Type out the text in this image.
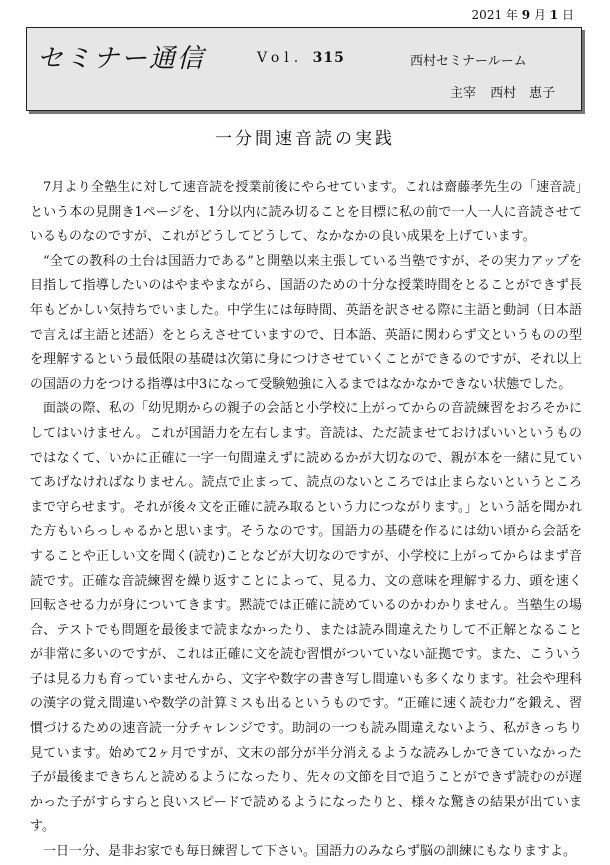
2021 年 9 月 1 日
セミナー通信	Vol. 315	西村セミナールーム
主宰 西村　恵子
一分間速音読の実践

7月より全塾生に対して速音読を授業前後にやらせています。これは齋藤孝先生の「速音読」という本の見開き1ページを、1分以内に読み切ることを目標に私の前で一人一人に音読させているものなのですが、これがどうしてどうして、なかなかの良い成果を上げています。

“全ての教科の土台は国語力である”と開塾以来主張している当塾ですが、その実力アップを目指して指導したいのはやまやまながら、国語のための十分な授業時間をとることができず長年もどかしい気持ちでいました。中学生には毎時間、英語を訳させる際に主語と動詞（日本語で言えば主語と述語）をとらえさせていますので、日本語、英語に関わらず文というものの型を理解するという最低限の基礎は次第に身につけさせていくことができるのですが、それ以上の国語の力をつける指導は中3になって受験勉強に入るまではなかなかできない状態でした。

面談の際、私の「幼児期からの親子の会話と小学校に上がってからの音読練習をおろそかにしてはいけません。これが国語力を左右します。音読は、ただ読ませておけばいいというものではなくて、いかに正確に一字一句間違えずに読めるかが大切なので、親が本を一緒に見ていてあげなければなりません。読点で止まって、読点のないところでは止まらないというところまで守らせます。それが後々文を正確に読み取るという力につながります。」という話を聞かれた方もいらっしゃるかと思います。そうなのです。国語力の基礎を作るには幼い頃から会話をすることや正しい文を聞く(読む)ことなどが大切なのですが、小学校に上がってからはまず音読です。正確な音読練習を繰り返すことによって、見る力、文の意味を理解する力、頭を速く回転させる力が身についてきます。黙読では正確に読めているのかわかりません。当塾生の場合、テストでも問題を最後まで読まなかったり、または読み間違えたりして不正解となることが非常に多いのですが、これは正確に文を読む習慣がついていない証拠です。また、こういう子は見る力も育っていませんから、文字や数字の書き写し間違いも多くなります。社会や理科の漢字の覚え間違いや数学の計算ミスも出るというものです。“正確に速く読む力”を鍛え、習慣づけるための速音読一分チャレンジです。助詞の一つも読み間違えないよう、私がきっちり見ています。始めて2ヶ月ですが、文末の部分が半分消えるような読みしかできていなかった子が最後まできちんと読めるようになったり、先々の文節を目で追うことができず読むのが遅かった子がすらすらと良いスピードで読めるようになったりと、様々な驚きの結果が出ています。

一日一分、是非お家でも毎日練習して下さい。国語力のみならず脳の訓練にもなりますよ。
